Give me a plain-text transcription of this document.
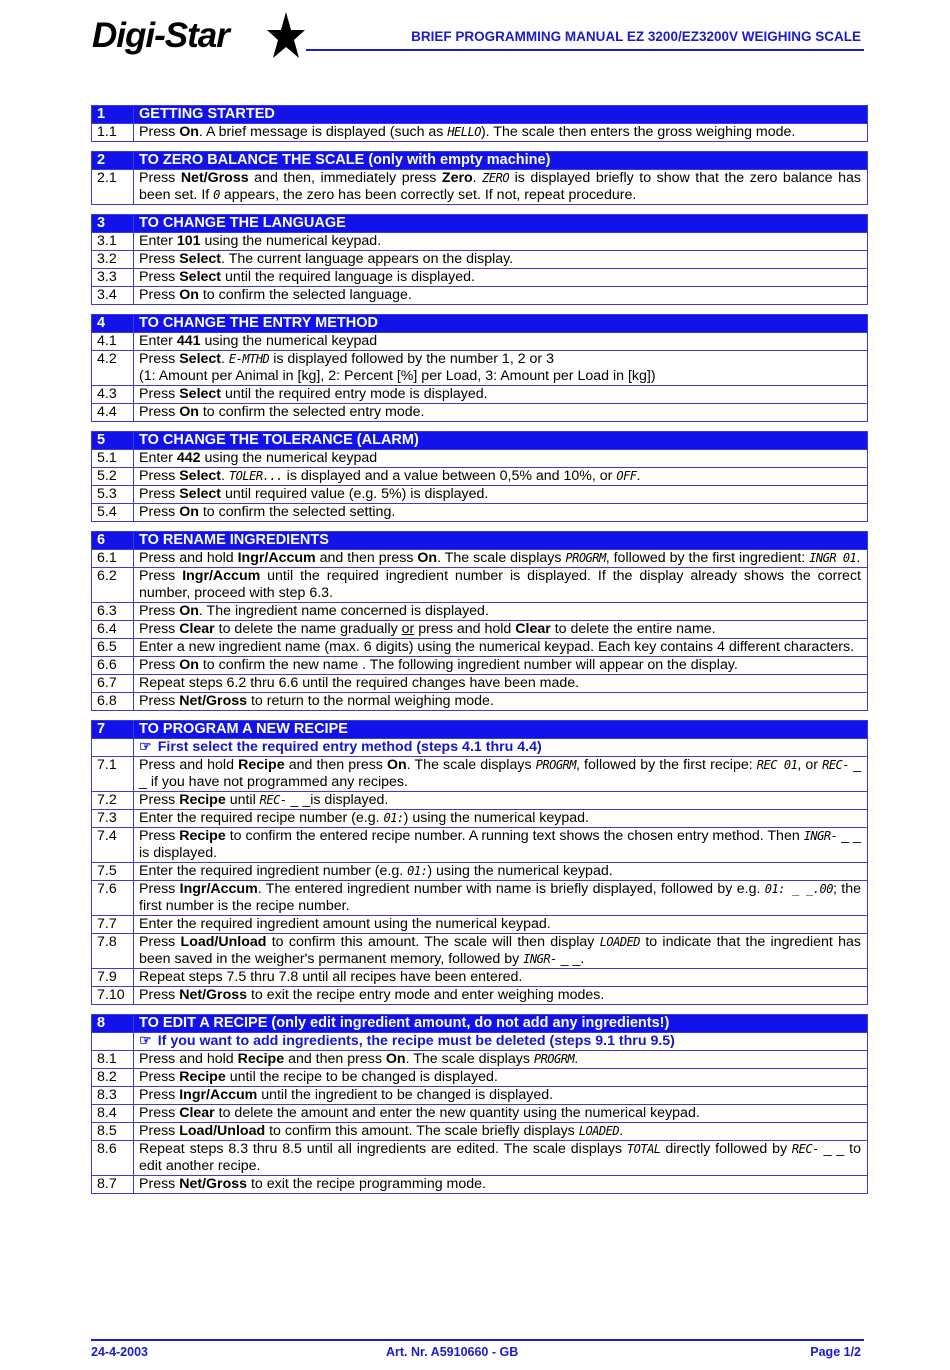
Digi-Star	BRIEF PROGRAMMING MANUAL EZ 3200/EZ3200V WEIGHING SCALE
1	GETTING STARTED
1.1	Press On. A brief message is displayed (such as HELLO). The scale then enters the gross weighing mode.

2	TO ZERO BALANCE THE SCALE (only with empty machine)
2.1	Press Net/Gross and then, immediately press Zero. ZERO is displayed briefly to show that the zero balance has been set. If 0 appears, the zero has been correctly set. If not, repeat procedure.

3	TO CHANGE THE LANGUAGE
3.1	Enter 101 using the numerical keypad.
3.2	Press Select. The current language appears on the display.
3.3	Press Select until the required language is displayed.
3.4	Press On to confirm the selected language.

4	TO CHANGE THE ENTRY METHOD
4.1	Enter 441 using the numerical keypad
4.2	Press Select. E-MTHD is displayed followed by the number 1, 2 or 3
(1: Amount per Animal in [kg], 2: Percent [%] per Load, 3: Amount per Load in [kg])
4.3	Press Select until the required entry mode is displayed.
4.4	Press On to confirm the selected entry mode.

5	TO CHANGE THE TOLERANCE (ALARM)
5.1	Enter 442 using the numerical keypad
5.2	Press Select. TOLER... is displayed and a value between 0,5% and 10%, or OFF.
5.3	Press Select until required value (e.g. 5%) is displayed.
5.4	Press On to confirm the selected setting.

6	TO RENAME INGREDIENTS
6.1	Press and hold Ingr/Accum and then press On. The scale displays PROGRM, followed by the first ingredient: INGR 01.
6.2	Press Ingr/Accum until the required ingredient number is displayed. If the display already shows the correct number, proceed with step 6.3.
6.3	Press On. The ingredient name concerned is displayed.
6.4	Press Clear to delete the name gradually or press and hold Clear to delete the entire name.
6.5	Enter a new ingredient name (max. 6 digits) using the numerical keypad. Each key contains 4 different characters.
6.6	Press On to confirm the new name . The following ingredient number will appear on the display.
6.7	Repeat steps 6.2 thru 6.6 until the required changes have been made.
6.8	Press Net/Gross to return to the normal weighing mode.

7	TO PROGRAM A NEW RECIPE
	☞ First select the required entry method (steps 4.1 thru 4.4)
7.1	Press and hold Recipe and then press On. The scale displays PROGRM, followed by the first recipe: REC 01, or REC- _ _ if you have not programmed any recipes.
7.2	Press Recipe until REC- _ _is displayed.
7.3	Enter the required recipe number (e.g. 01:) using the numerical keypad.
7.4	Press Recipe to confirm the entered recipe number. A running text shows the chosen entry method. Then INGR- _ _ is displayed.
7.5	Enter the required ingredient number (e.g. 01:) using the numerical keypad.
7.6	Press Ingr/Accum. The entered ingredient number with name is briefly displayed, followed by e.g. 01: _ _.00; the first number is the recipe number.
7.7	Enter the required ingredient amount using the numerical keypad.
7.8	Press Load/Unload to confirm this amount. The scale will then display LOADED to indicate that the ingredient has been saved in the weigher's permanent memory, followed by INGR- _ _.
7.9	Repeat steps 7.5 thru 7.8 until all recipes have been entered.
7.10	Press Net/Gross to exit the recipe entry mode and enter weighing modes.

8	TO EDIT A RECIPE (only edit ingredient amount, do not add any ingredients!)
	☞ If you want to add ingredients, the recipe must be deleted (steps 9.1 thru 9.5)
8.1	Press and hold Recipe and then press On. The scale displays PROGRM.
8.2	Press Recipe until the recipe to be changed is displayed.
8.3	Press Ingr/Accum until the ingredient to be changed is displayed.
8.4	Press Clear to delete the amount and enter the new quantity using the numerical keypad.
8.5	Press Load/Unload to confirm this amount. The scale briefly displays LOADED.
8.6	Repeat steps 8.3 thru 8.5 until all ingredients are edited. The scale displays TOTAL directly followed by REC- _ _ to edit another recipe.
8.7	Press Net/Gross to exit the recipe programming mode.
24-4-2003	Art. Nr. A5910660 - GB	Page 1/2
